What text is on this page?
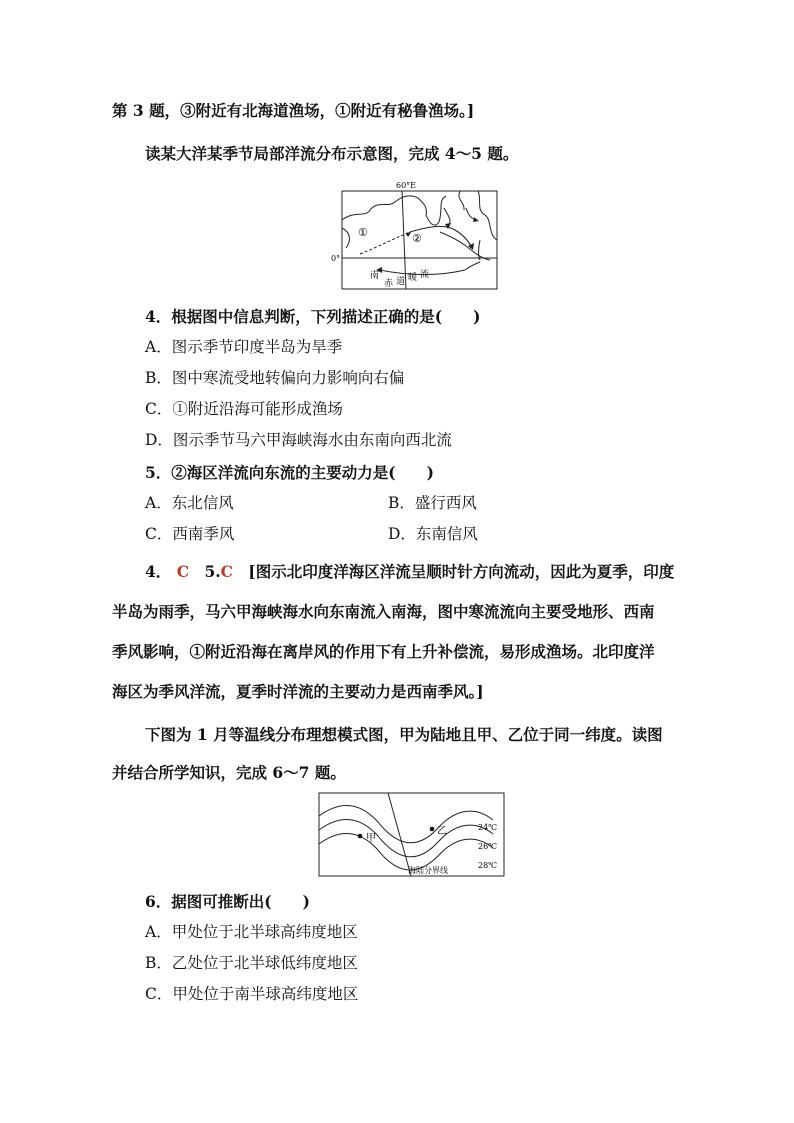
第 3 题，③附近有北海道渔场，①附近有秘鲁渔场。]
读某大洋某季节局部洋流分布示意图，完成 4～5 题。
60°E
0°
①	②
南
赤 道 暖 流
4．根据图中信息判断，下列描述正确的是(　　)
A．图示季节印度半岛为旱季
B．图中寒流受地转偏向力影响向右偏
C．①附近沿海可能形成渔场
D．图示季节马六甲海峡海水由东南向西北流
5．②海区洋流向东流的主要动力是(　　)
A．东北信风	B．盛行西风
C．西南季风	D．东南信风
4． C 5.C [图示北印度洋海区洋流呈顺时针方向流动，因此为夏季，印度
半岛为雨季，马六甲海峡海水向东南流入南海，图中寒流流向主要受地形、西南
季风影响，①附近沿海在离岸风的作用下有上升补偿流，易形成渔场。北印度洋
海区为季风洋流，夏季时洋流的主要动力是西南季风。]
下图为 1 月等温线分布理想模式图，甲为陆地且甲、乙位于同一纬度。读图
并结合所学知识，完成 6～7 题。
甲
乙	24℃
26℃
28℃
海陆分界线
6．据图可推断出(　　)
A．甲处位于北半球高纬度地区
B．乙处位于北半球低纬度地区
C．甲处位于南半球高纬度地区
